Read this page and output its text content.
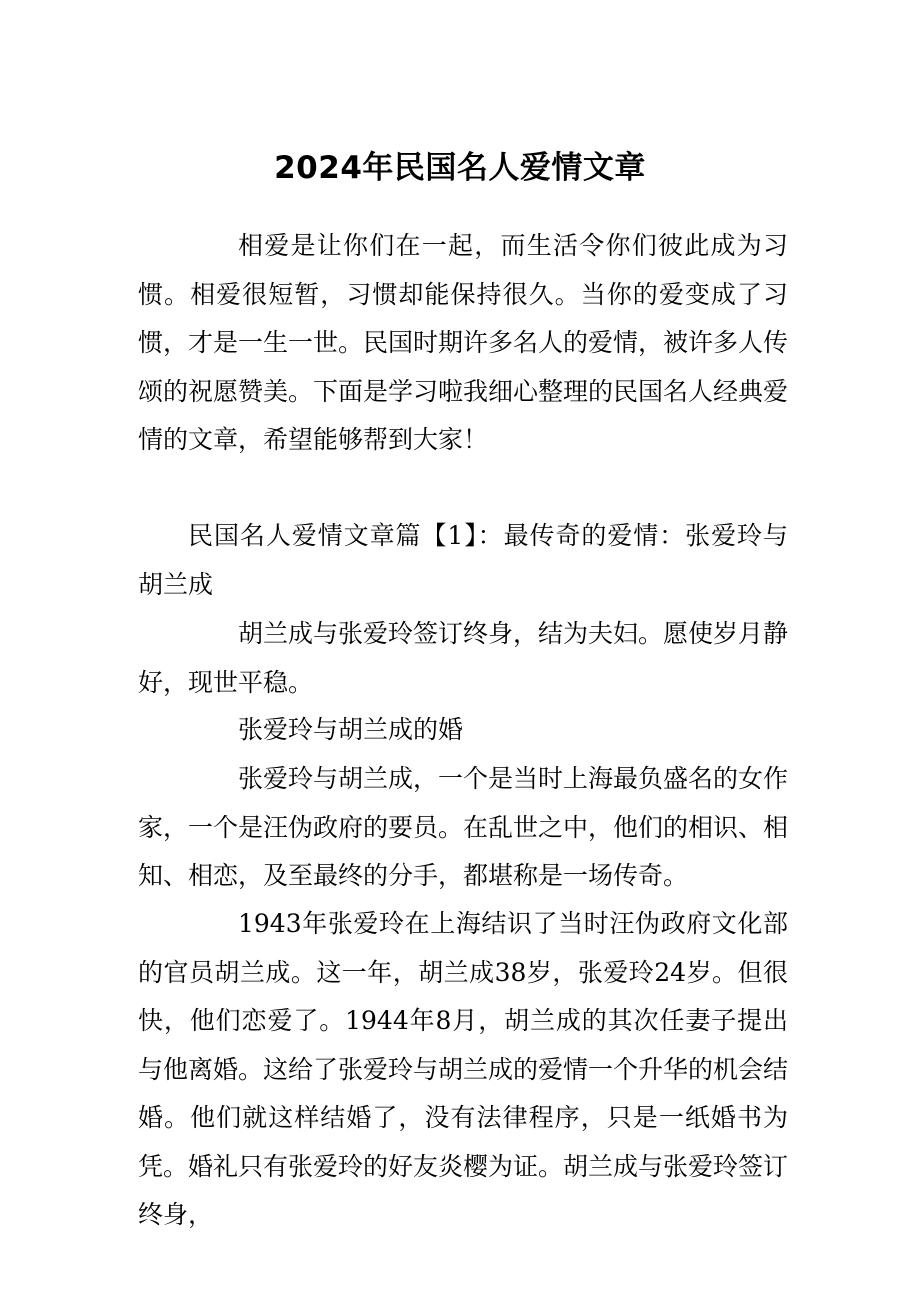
2024年民国名人爱情文章
相爱是让你们在一起，而生活令你们彼此成为习惯。相爱很短暂，习惯却能保持很久。当你的爱变成了习惯，才是一生一世。民国时期许多名人的爱情，被许多人传颂的祝愿赞美。下面是学习啦我细心整理的民国名人经典爱情的文章，希望能够帮到大家！
民国名人爱情文章篇【1】：最传奇的爱情：张爱玲与胡兰成
胡兰成与张爱玲签订终身，结为夫妇。愿使岁月静好，现世平稳。
张爱玲与胡兰成的婚
张爱玲与胡兰成，一个是当时上海最负盛名的女作家，一个是汪伪政府的要员。在乱世之中，他们的相识、相知、相恋，及至最终的分手，都堪称是一场传奇。
1943年张爱玲在上海结识了当时汪伪政府文化部的官员胡兰成。这一年，胡兰成38岁，张爱玲24岁。但很快，他们恋爱了。1944年8月，胡兰成的其次任妻子提出与他离婚。这给了张爱玲与胡兰成的爱情一个升华的机会结婚。他们就这样结婚了，没有法律程序，只是一纸婚书为凭。婚礼只有张爱玲的好友炎樱为证。胡兰成与张爱玲签订终身，
